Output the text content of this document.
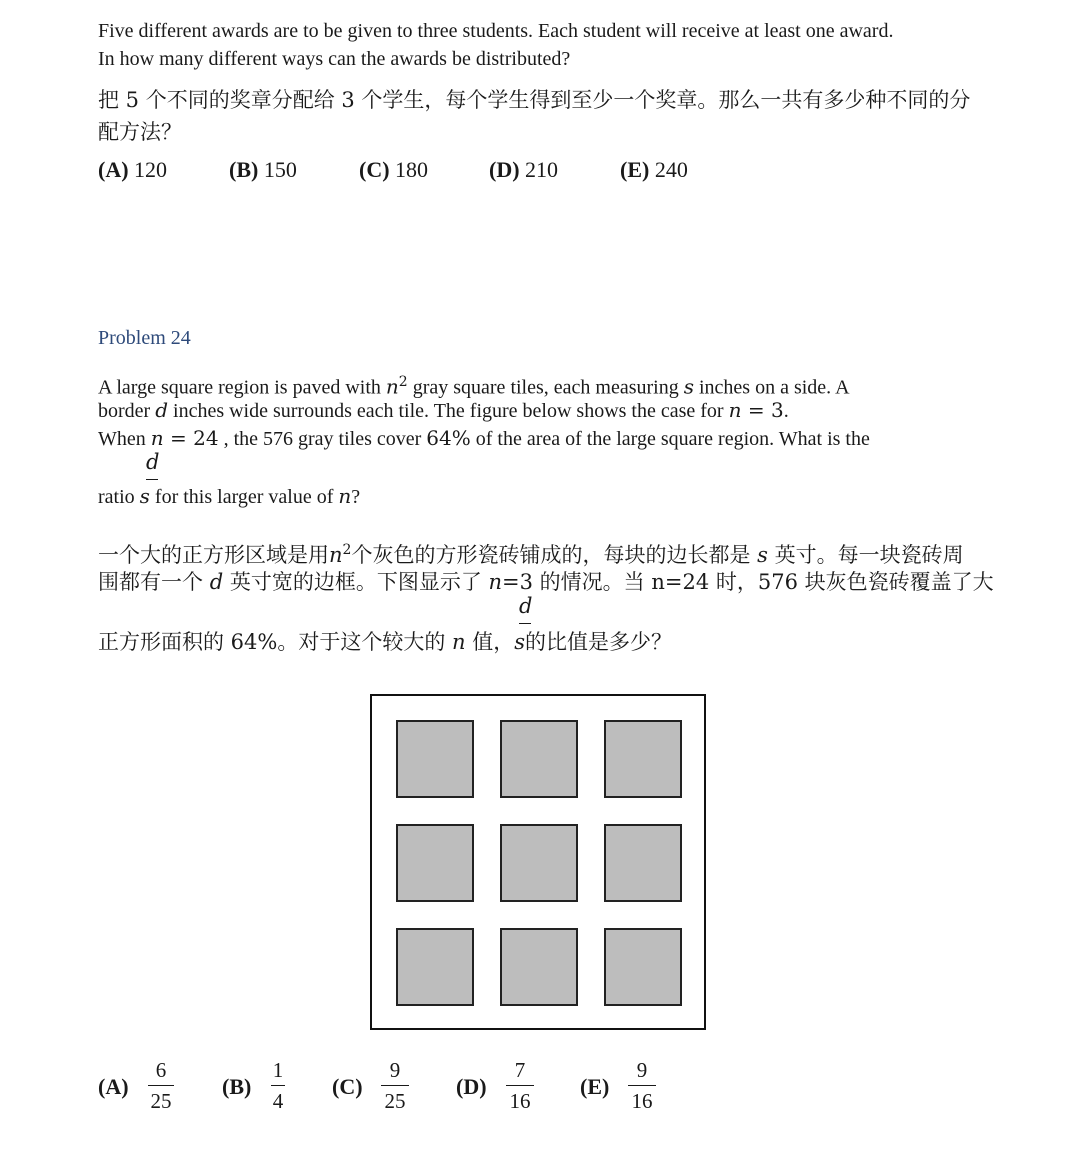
Five different awards are to be given to three students. Each student will receive at least one award.
In how many different ways can the awards be distributed?
把 5 个不同的奖章分配给 3 个学生，每个学生得到至少一个奖章。那么一共有多少种不同的分
配方法？
(A) 120	(B) 150	(C) 180	(D) 210	(E) 240
Problem 24
A large square region is paved with $n^2$ gray square tiles, each measuring s inches on a side. A
border d inches wide surrounds each tile. The figure below shows the case for n = 3.
When n = 24 , the 576 gray tiles cover 64% of the area of the large square region. What is the
d
ratio s for this larger value of n?
一个大的正方形区域是用$n^2$个灰色的方形瓷砖铺成的，每块的边长都是 s 英寸。每一块瓷砖周
围都有一个 d 英寸宽的边框。下图显示了 n=3 的情况。当 n=24 时，576 块灰色瓷砖覆盖了大
d
正方形面积的 64%。对于这个较大的 n 值，s的比值是多少？
(A)
6
25
(B)
1
4
(C)
9
25
(D)
7
16
(E)
9
16
